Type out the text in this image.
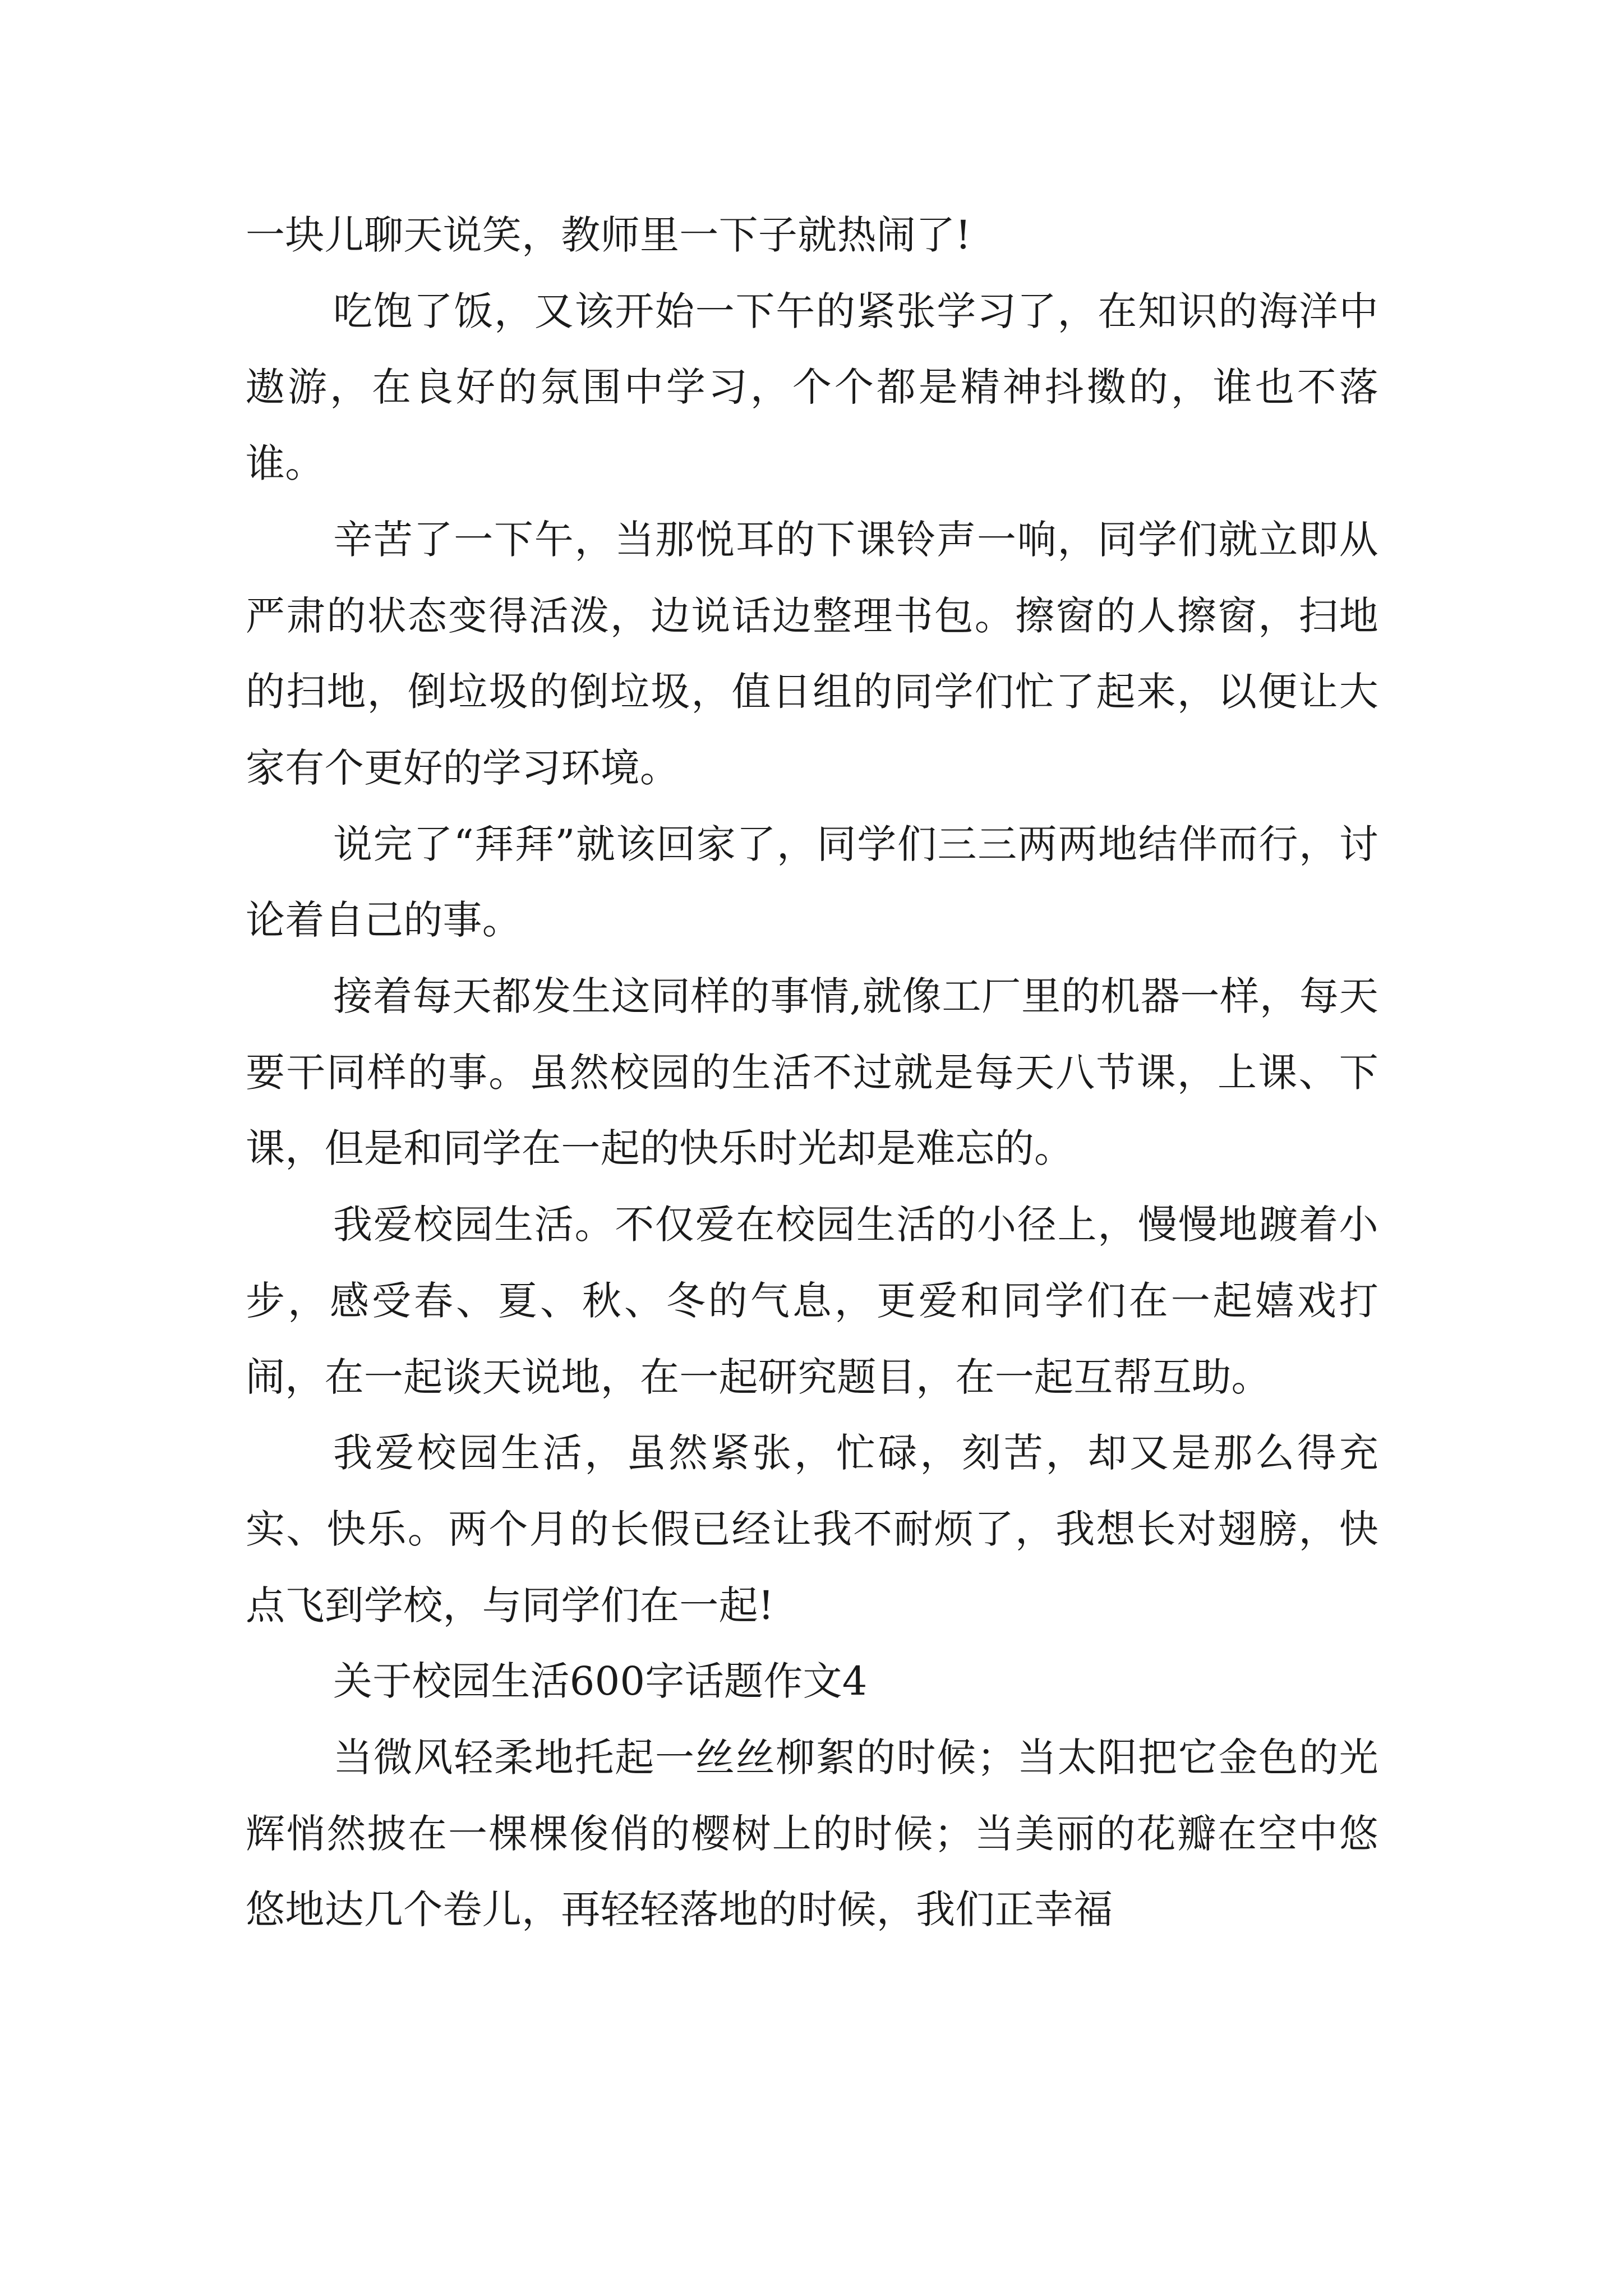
一块儿聊天说笑，教师里一下子就热闹了!

吃饱了饭，又该开始一下午的紧张学习了，在知识的海洋中遨游，在良好的氛围中学习，个个都是精神抖擞的，谁也不落谁。

辛苦了一下午，当那悦耳的下课铃声一响，同学们就立即从严肃的状态变得活泼，边说话边整理书包。擦窗的人擦窗，扫地的扫地，倒垃圾的倒垃圾，值日组的同学们忙了起来，以便让大家有个更好的学习环境。

说完了“拜拜”就该回家了，同学们三三两两地结伴而行，讨论着自己的事。

接着每天都发生这同样的事情,就像工厂里的机器一样，每天要干同样的事。虽然校园的生活不过就是每天八节课，上课、下课，但是和同学在一起的快乐时光却是难忘的。

我爱校园生活。不仅爱在校园生活的小径上，慢慢地踱着小步，感受春、夏、秋、冬的气息，更爱和同学们在一起嬉戏打闹，在一起谈天说地，在一起研究题目，在一起互帮互助。

我爱校园生活，虽然紧张，忙碌，刻苦，却又是那么得充实、快乐。两个月的长假已经让我不耐烦了，我想长对翅膀，快点飞到学校，与同学们在一起!

关于校园生活600字话题作文4

当微风轻柔地托起一丝丝柳絮的时候；当太阳把它金色的光辉悄然披在一棵棵俊俏的樱树上的时候；当美丽的花瓣在空中悠悠地达几个卷儿，再轻轻落地的时候，我们正幸福
